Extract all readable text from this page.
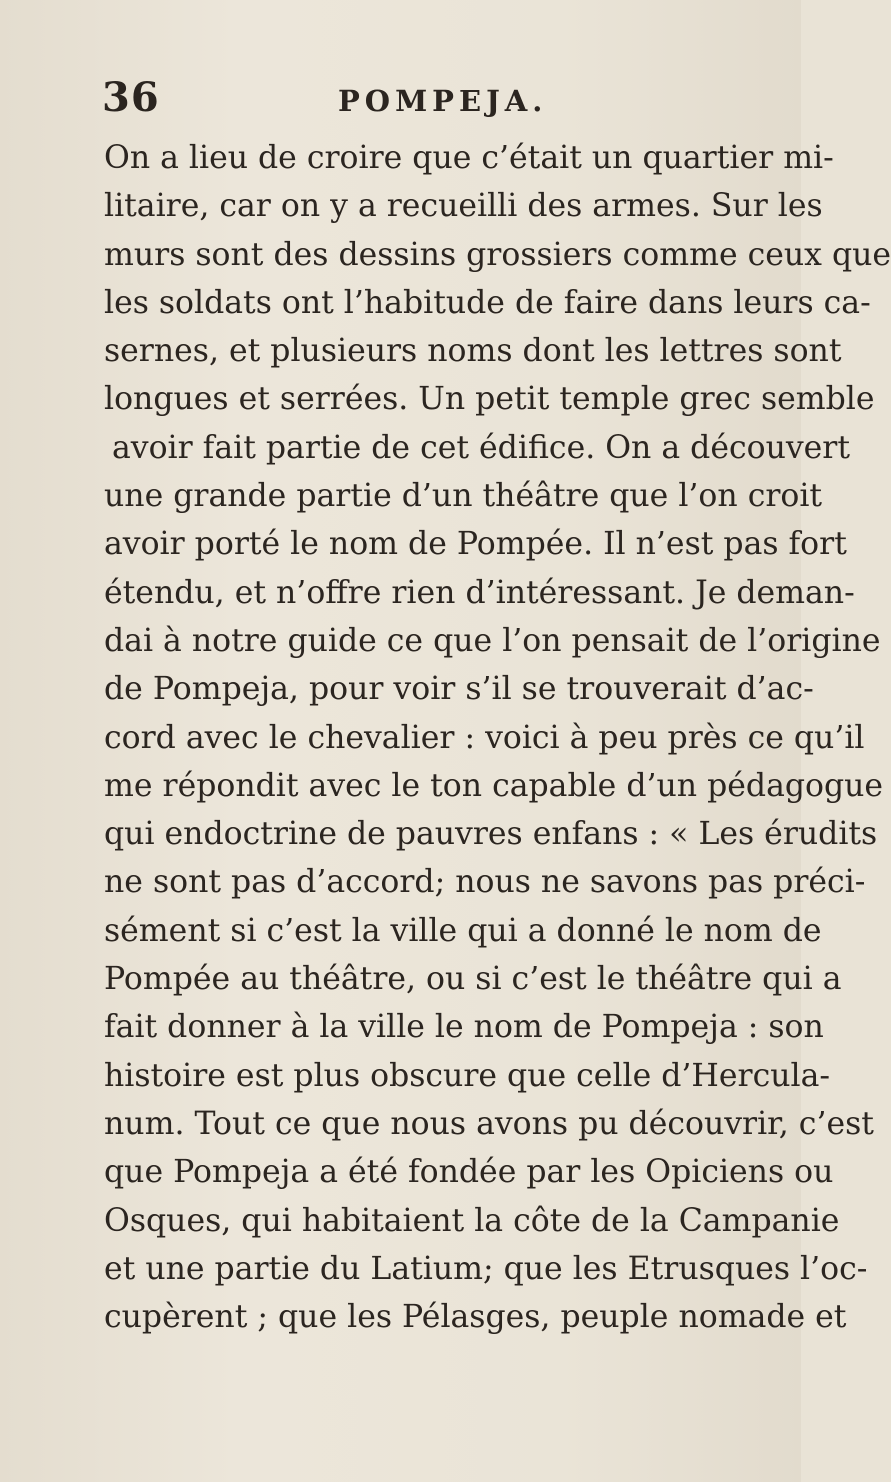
36	POMPEJA.
On a lieu de croire que c’était un quartier mi-
litaire, car on y a recueilli des armes. Sur les
murs sont des dessins grossiers comme ceux que
les soldats ont l’habitude de faire dans leurs ca-
sernes, et plusieurs noms dont les lettres sont
longues et serrées. Un petit temple grec semble
avoir fait partie de cet édifice. On a découvert
une grande partie d’un théâtre que l’on croit
avoir porté le nom de Pompée. Il n’est pas fort
étendu, et n’offre rien d’intéressant. Je deman-
dai à notre guide ce que l’on pensait de l’origine
de Pompeja, pour voir s’il se trouverait d’ac-
cord avec le chevalier : voici à peu près ce qu’il
me répondit avec le ton capable d’un pédagogue
qui endoctrine de pauvres enfans : « Les érudits
ne sont pas d’accord; nous ne savons pas préci-
sément si c’est la ville qui a donné le nom de
Pompée au théâtre, ou si c’est le théâtre qui a
fait donner à la ville le nom de Pompeja : son
histoire est plus obscure que celle d’Hercula-
num. Tout ce que nous avons pu découvrir, c’est
que Pompeja a été fondée par les Opiciens ou
Osques, qui habitaient la côte de la Campanie
et une partie du Latium; que les Etrusques l’oc-
cupèrent ; que les Pélasges, peuple nomade et
